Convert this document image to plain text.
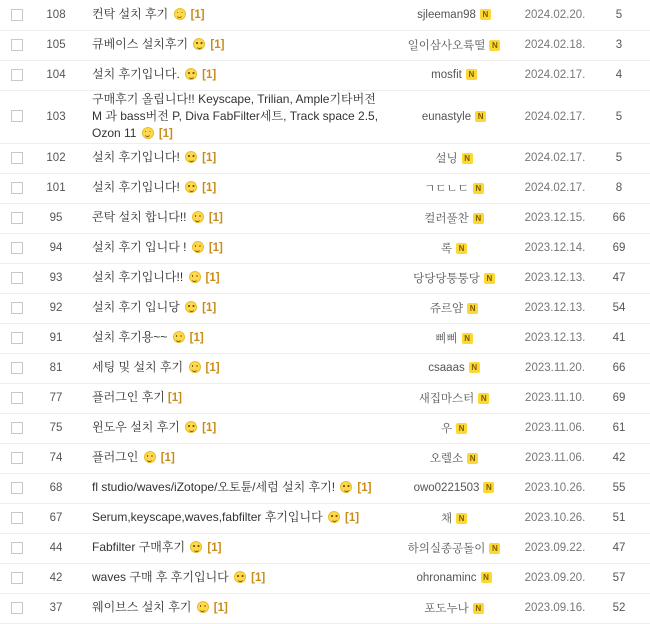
	108	컨탁 설치 후기 [1]	sjleeman98 N	2024.02.20.	5
	105	큐베이스 설치후기 [1]	일이삼사오륙떨 N	2024.02.18.	3
	104	설치 후기입니다. [1]	mosfit N	2024.02.17.	4
	103	구매후기 올립니다!! Keyscape, Trilian, Ample기타버전 M 과 bass버전 P, Diva FabFilter세트, Track space 2.5, Ozon 11 [1]	eunastyle N	2024.02.17.	5
	102	설치 후기입니다! [1]	설닝 N	2024.02.17.	5
	101	설치 후기입니다! [1]	ㄱㄷㄴㄷ N	2024.02.17.	8
	95	콘탁 설치 합니다!! [1]	컬러풀찬 N	2023.12.15.	66
	94	설치 후기 입니다 ! [1]	록 N	2023.12.14.	69
	93	설치 후기입니다!! [1]	당당당퉁퉁당 N	2023.12.13.	47
	92	설치 후기 입니당 [1]	쥬르얌 N	2023.12.13.	54
	91	설치 후기용~~ [1]	삐삐 N	2023.12.13.	41
	81	세팅 및 설치 후기 [1]	csaaas N	2023.11.20.	66
	77	플러그인 후기 [1]	새집마스터 N	2023.11.10.	69
	75	윈도우 설치 후기 [1]	우 N	2023.11.06.	61
	74	플러그인 [1]	오렐소 N	2023.11.06.	42
	68	fl studio/waves/iZotope/오토튠/세럼 설치 후기! [1]	owo0221503 N	2023.10.26.	55
	67	Serum,keyscape,waves,fabfilter 후기입니다 [1]	채 N	2023.10.26.	51
	44	Fabfilter 구매후기 [1]	하의실종공돌이 N	2023.09.22.	47
	42	waves 구매 후 후기입니다 [1]	ohronaminc N	2023.09.20.	57
	37	웨이브스 설치 후기 [1]	포도누나 N	2023.09.16.	52
